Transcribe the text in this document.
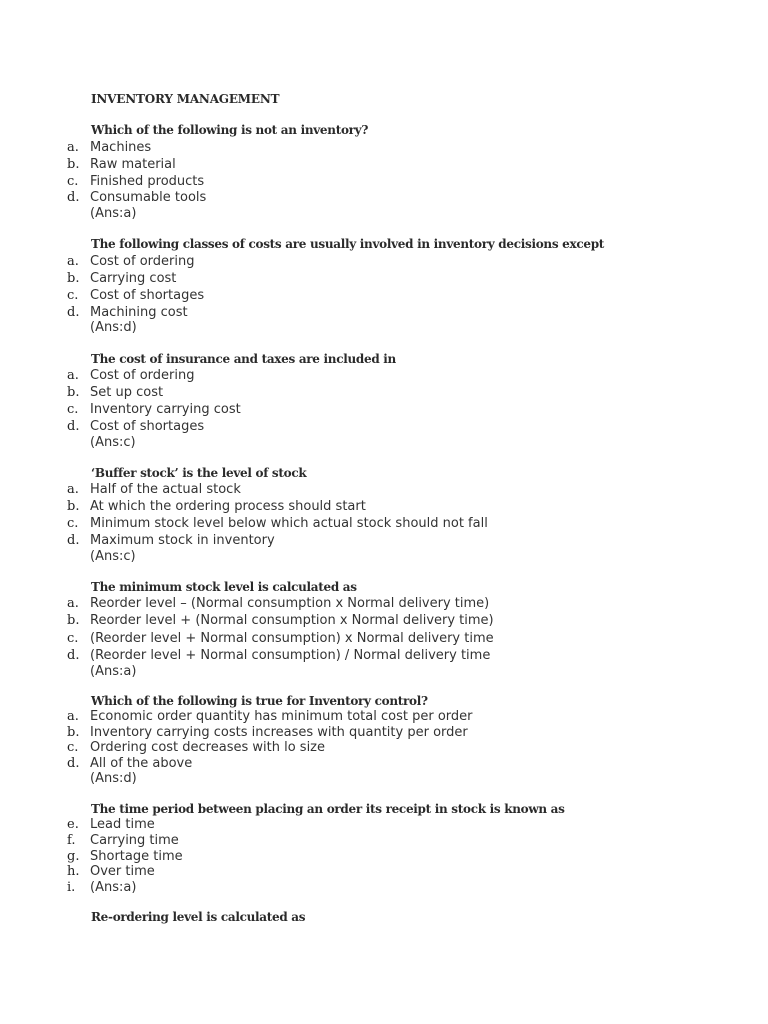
INVENTORY MANAGEMENT
Which of the following is not an inventory?
a. Machines
b. Raw material
c. Finished products
d. Consumable tools
(Ans:a)
The following classes of costs are usually involved in inventory decisions except
a. Cost of ordering
b. Carrying cost
c. Cost of shortages
d. Machining cost
(Ans:d)
The cost of insurance and taxes are included in
a. Cost of ordering
b. Set up cost
c. Inventory carrying cost
d. Cost of shortages
(Ans:c)
‘Buffer stock’ is the level of stock
a. Half of the actual stock
b. At which the ordering process should start
c. Minimum stock level below which actual stock should not fall
d. Maximum stock in inventory
(Ans:c)
The minimum stock level is calculated as
a. Reorder level – (Normal consumption x Normal delivery time)
b. Reorder level + (Normal consumption x Normal delivery time)
c. (Reorder level + Normal consumption) x Normal delivery time
d. (Reorder level + Normal consumption) / Normal delivery time
(Ans:a)
Which of the following is true for Inventory control?
a. Economic order quantity has minimum total cost per order
b. Inventory carrying costs increases with quantity per order
c. Ordering cost decreases with lo size
d. All of the above
(Ans:d)
The time period between placing an order its receipt in stock is known as
e. Lead time
f. Carrying time
g. Shortage time
h. Over time
i. (Ans:a)
Re-ordering level is calculated as
